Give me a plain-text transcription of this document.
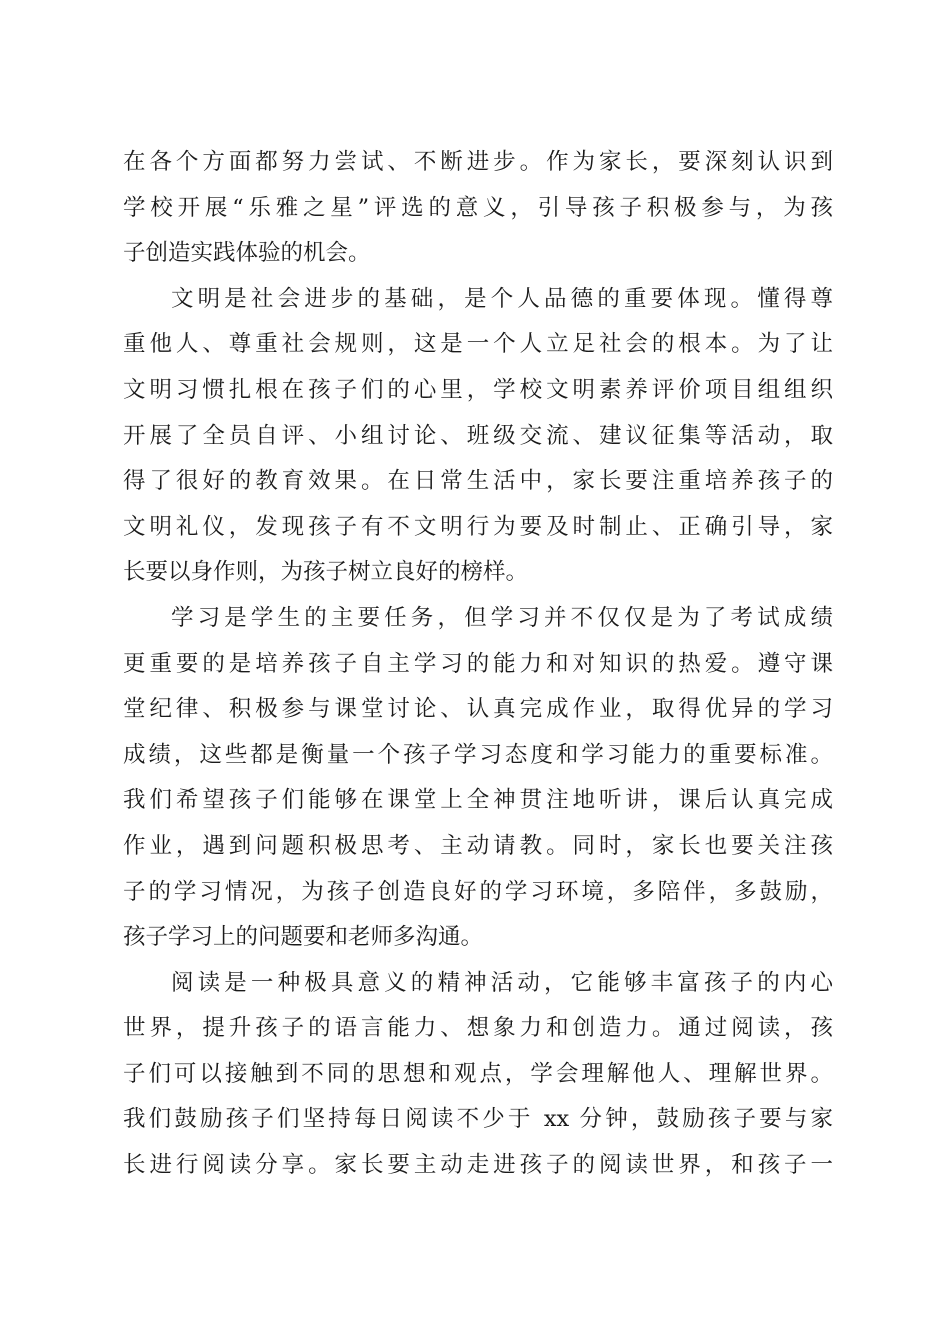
在各个方面都努力尝试、不断进步。作为家长，要深刻认识到
学校开展“乐雅之星”评选的意义，引导孩子积极参与，为孩
子创造实践体验的机会。
文明是社会进步的基础，是个人品德的重要体现。懂得尊
重他人、尊重社会规则，这是一个人立足社会的根本。为了让
文明习惯扎根在孩子们的心里，学校文明素养评价项目组组织
开展了全员自评、小组讨论、班级交流、建议征集等活动，取
得了很好的教育效果。在日常生活中，家长要注重培养孩子的
文明礼仪，发现孩子有不文明行为要及时制止、正确引导，家
长要以身作则，为孩子树立良好的榜样。
学习是学生的主要任务，但学习并不仅仅是为了考试成绩
更重要的是培养孩子自主学习的能力和对知识的热爱。遵守课
堂纪律、积极参与课堂讨论、认真完成作业，取得优异的学习
成绩，这些都是衡量一个孩子学习态度和学习能力的重要标准。
我们希望孩子们能够在课堂上全神贯注地听讲，课后认真完成
作业，遇到问题积极思考、主动请教。同时，家长也要关注孩
子的学习情况，为孩子创造良好的学习环境，多陪伴，多鼓励，
孩子学习上的问题要和老师多沟通。
阅读是一种极具意义的精神活动，它能够丰富孩子的内心
世界，提升孩子的语言能力、想象力和创造力。通过阅读，孩
子们可以接触到不同的思想和观点，学会理解他人、理解世界。
我们鼓励孩子们坚持每日阅读不少于 xx 分钟，鼓励孩子要与家
长进行阅读分享。家长要主动走进孩子的阅读世界，和孩子一
